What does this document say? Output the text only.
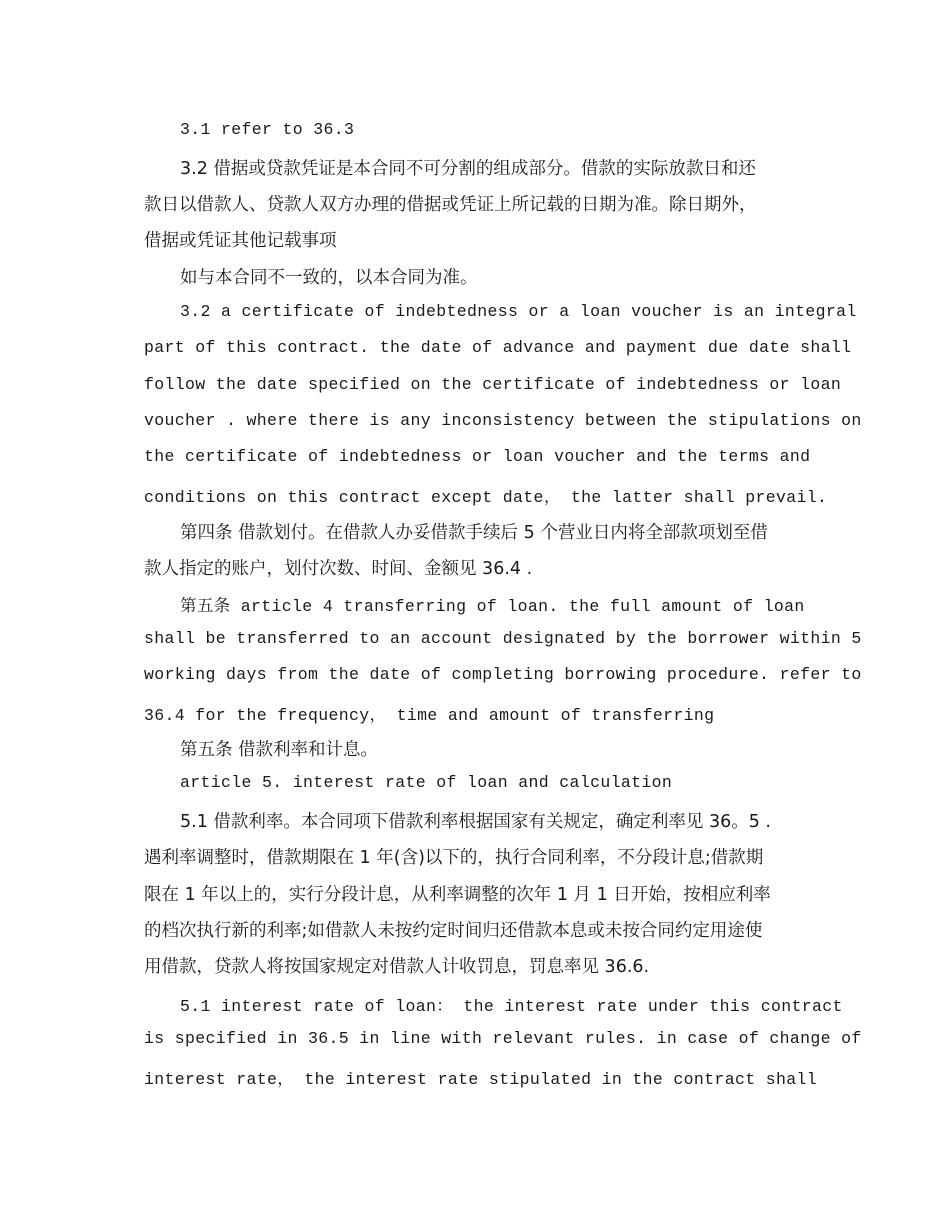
3.1 refer to 36.3

3.2 借据或贷款凭证是本合同不可分割的组成部分。借款的实际放款日和还

款日以借款人、贷款人双方办理的借据或凭证上所记载的日期为准。除日期外，

借据或凭证其他记载事项

如与本合同不一致的，以本合同为准。

3.2 a certificate of indebtedness or a loan voucher is an integral

part of this contract. the date of advance and payment due date shall

follow the date specified on the certificate of indebtedness or loan

voucher . where there is any inconsistency between the stipulations on

the certificate of indebtedness or loan voucher and the terms and

conditions on this contract except date， the latter shall prevail.

第四条 借款划付。在借款人办妥借款手续后 5 个营业日内将全部款项划至借

款人指定的账户，划付次数、时间、金额见 36.4 .

第五条 article 4 transferring of loan. the full amount of loan

shall be transferred to an account designated by the borrower within 5

working days from the date of completing borrowing procedure. refer to

36.4 for the frequency， time and amount of transferring

第五条 借款利率和计息。

article 5. interest rate of loan and calculation

5.1 借款利率。本合同项下借款利率根据国家有关规定，确定利率见 36。5 .

遇利率调整时，借款期限在 1 年(含)以下的，执行合同利率，不分段计息;借款期

限在 1 年以上的，实行分段计息，从利率调整的次年 1 月 1 日开始，按相应利率

的档次执行新的利率;如借款人未按约定时间归还借款本息或未按合同约定用途使

用借款，贷款人将按国家规定对借款人计收罚息，罚息率见 36.6.

5.1 interest rate of loan： the interest rate under this contract

is specified in 36.5 in line with relevant rules. in case of change of

interest rate， the interest rate stipulated in the contract shall
